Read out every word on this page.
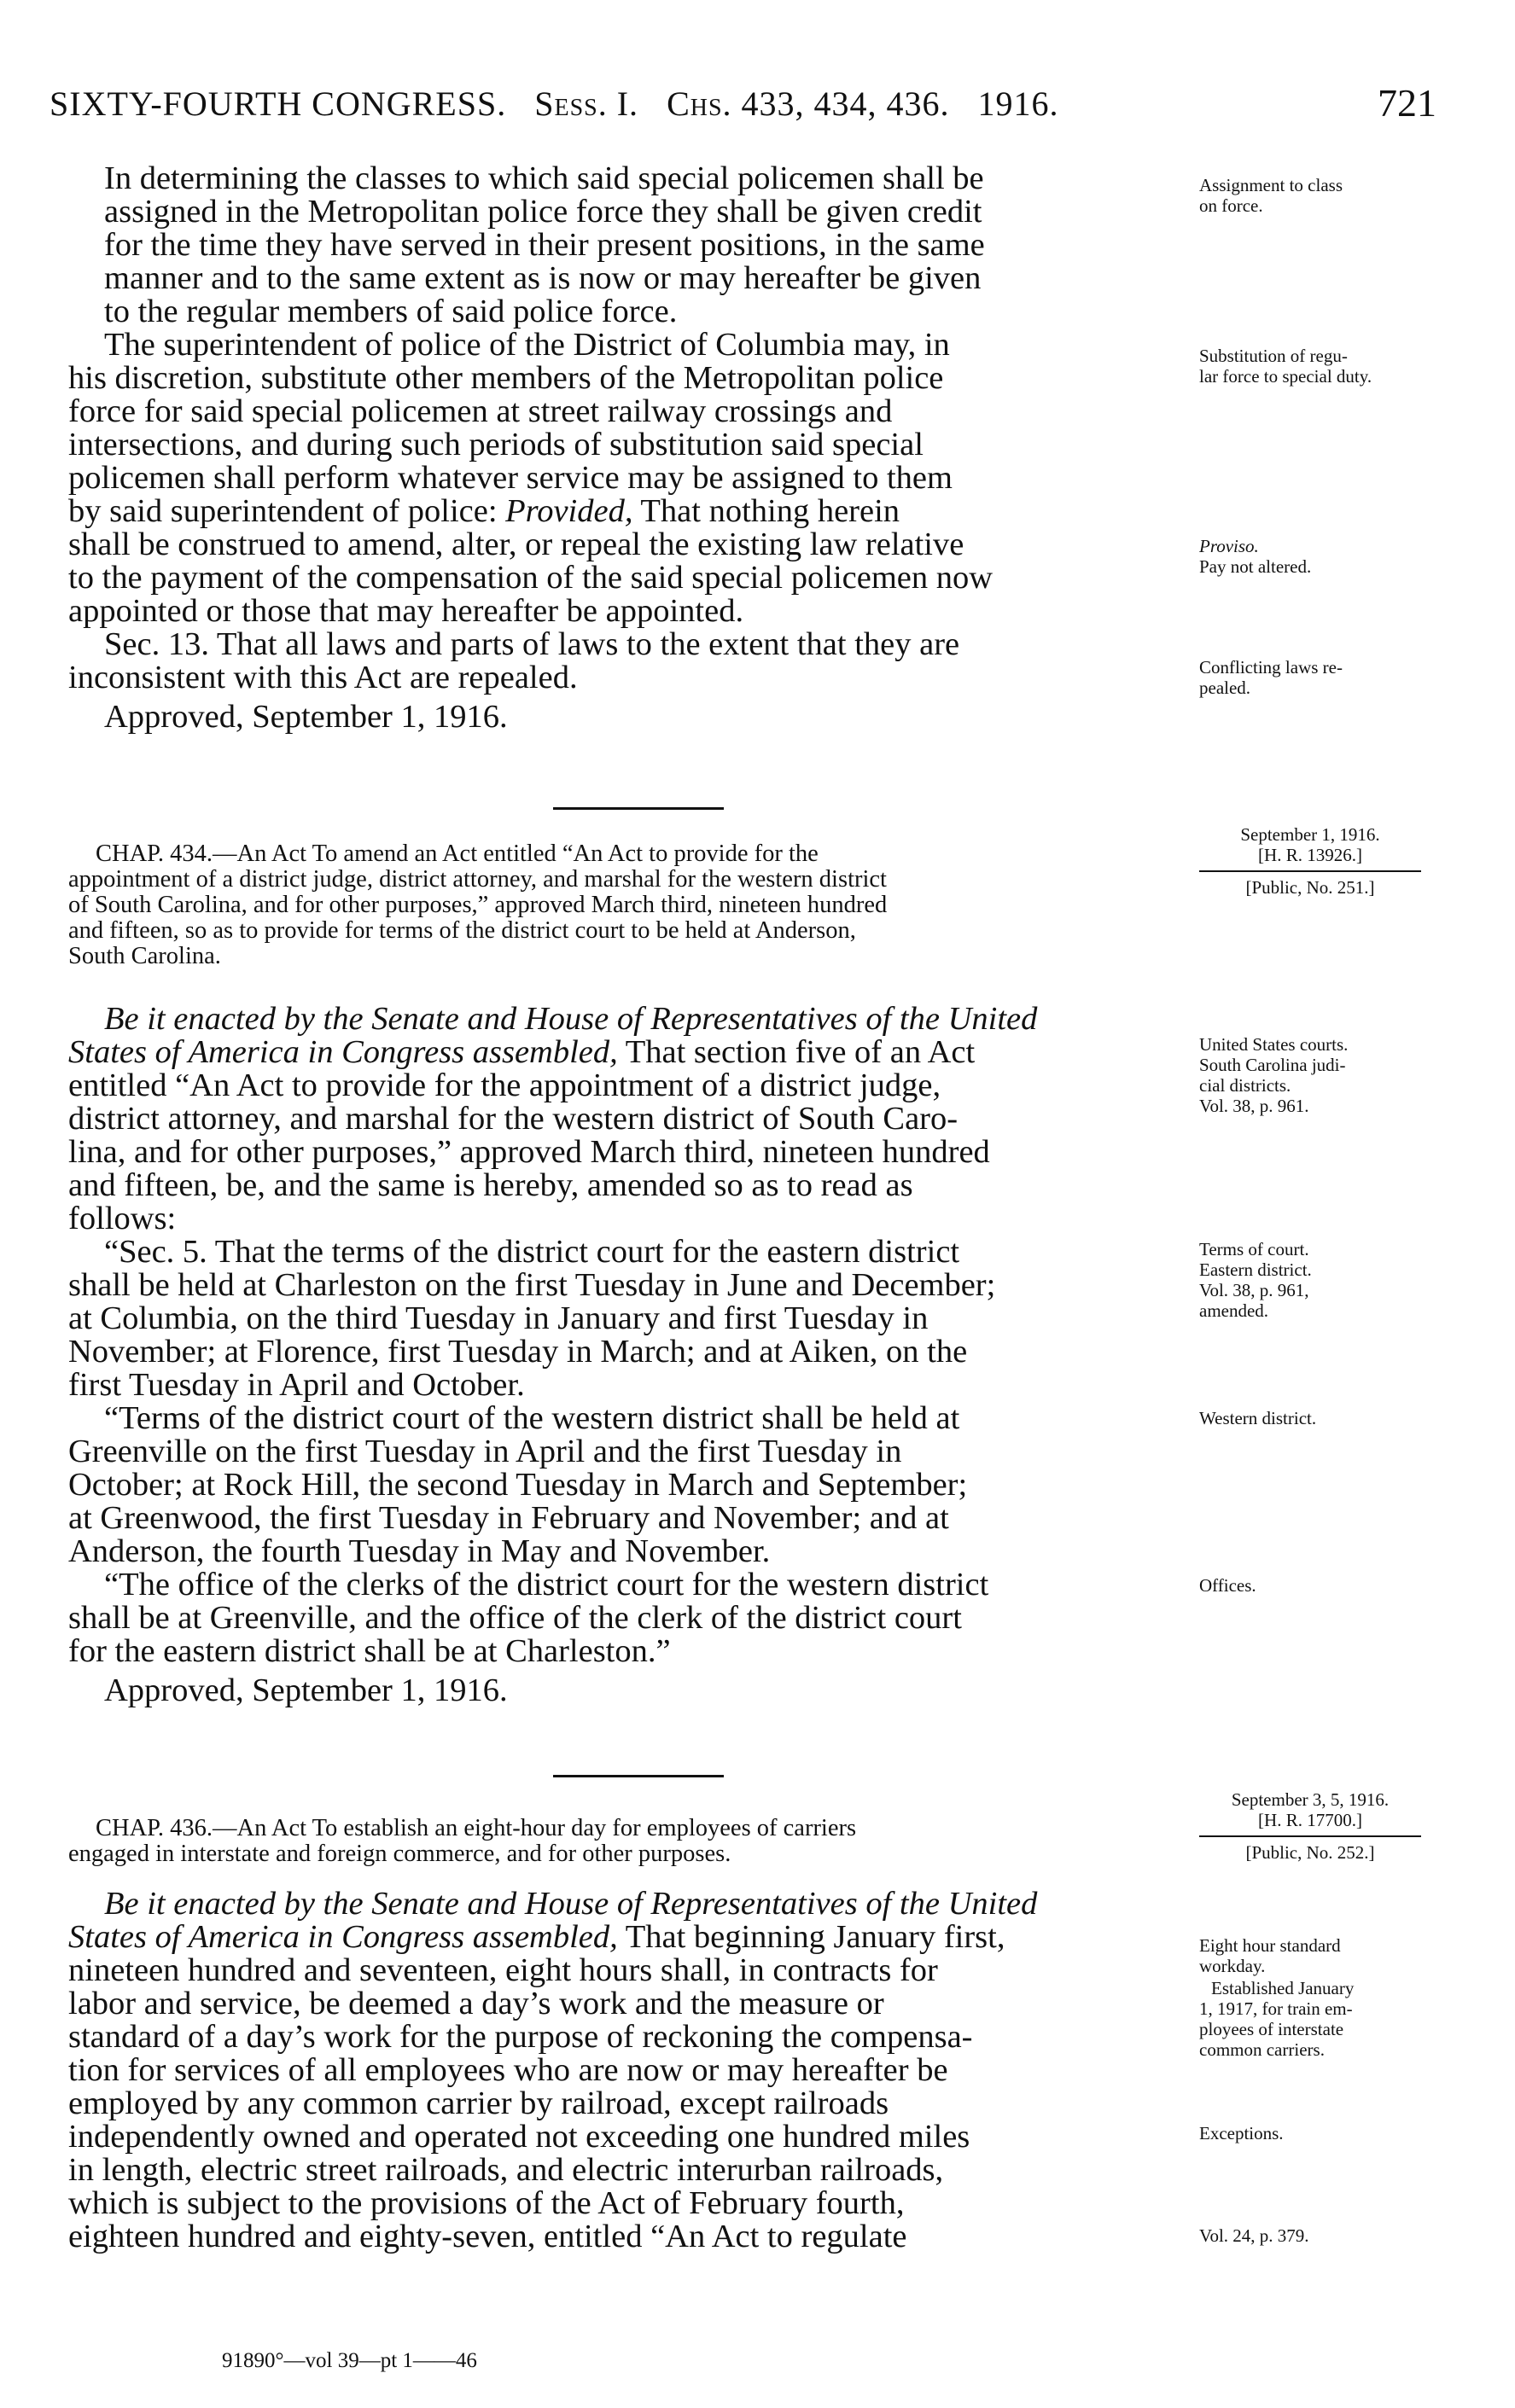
SIXTY-FOURTH CONGRESS. Sess. I. Chs. 433, 434, 436. 1916.	721
In determining the classes to which said special policemen shall be
assigned in the Metropolitan police force they shall be given credit
for the time they have served in their present positions, in the same
manner and to the same extent as is now or may hereafter be given
to the regular members of said police force.
The superintendent of police of the District of Columbia may, in
his discretion, substitute other members of the Metropolitan police
force for said special policemen at street railway crossings and
intersections, and during such periods of substitution said special
policemen shall perform whatever service may be assigned to them
by said superintendent of police: Provided, That nothing herein
shall be construed to amend, alter, or repeal the existing law relative
to the payment of the compensation of the said special policemen now
appointed or those that may hereafter be appointed.
Sec. 13. That all laws and parts of laws to the extent that they are
inconsistent with this Act are repealed.
Approved, September 1, 1916.
Assignment to class
on force.
Substitution of regu-
lar force to special duty.
Proviso.
Pay not altered.
Conflicting laws re-
pealed.
September 1, 1916.
[H. R. 13926.]
[Public, No. 251.]
CHAP. 434.—An Act To amend an Act entitled “An Act to provide for the
appointment of a district judge, district attorney, and marshal for the western district
of South Carolina, and for other purposes,” approved March third, nineteen hundred
and fifteen, so as to provide for terms of the district court to be held at Anderson,
South Carolina.
Be it enacted by the Senate and House of Representatives of the United
States of America in Congress assembled, That section five of an Act
entitled “An Act to provide for the appointment of a district judge,
district attorney, and marshal for the western district of South Caro-
lina, and for other purposes,” approved March third, nineteen hundred
and fifteen, be, and the same is hereby, amended so as to read as
follows:
“Sec. 5. That the terms of the district court for the eastern district
shall be held at Charleston on the first Tuesday in June and December;
at Columbia, on the third Tuesday in January and first Tuesday in
November; at Florence, first Tuesday in March; and at Aiken, on the
first Tuesday in April and October.
“Terms of the district court of the western district shall be held at
Greenville on the first Tuesday in April and the first Tuesday in
October; at Rock Hill, the second Tuesday in March and September;
at Greenwood, the first Tuesday in February and November; and at
Anderson, the fourth Tuesday in May and November.
“The office of the clerks of the district court for the western district
shall be at Greenville, and the office of the clerk of the district court
for the eastern district shall be at Charleston.”
Approved, September 1, 1916.
United States courts.
South Carolina judi-
cial districts.
Vol. 38, p. 961.
Terms of court.
Eastern district.
Vol. 38, p. 961,
amended.
Western district.
Offices.
September 3, 5, 1916.
[H. R. 17700.]
[Public, No. 252.]
CHAP. 436.—An Act To establish an eight-hour day for employees of carriers
engaged in interstate and foreign commerce, and for other purposes.
Be it enacted by the Senate and House of Representatives of the United
States of America in Congress assembled, That beginning January first,
nineteen hundred and seventeen, eight hours shall, in contracts for
labor and service, be deemed a day’s work and the measure or
standard of a day’s work for the purpose of reckoning the compensa-
tion for services of all employees who are now or may hereafter be
employed by any common carrier by railroad, except railroads
independently owned and operated not exceeding one hundred miles
in length, electric street railroads, and electric interurban railroads,
which is subject to the provisions of the Act of February fourth,
eighteen hundred and eighty-seven, entitled “An Act to regulate
Eight hour standard
workday.
Established January
1, 1917, for train em-
ployees of interstate
common carriers.
Exceptions.
Vol. 24, p. 379.
91890°—vol 39—pt 1——46
